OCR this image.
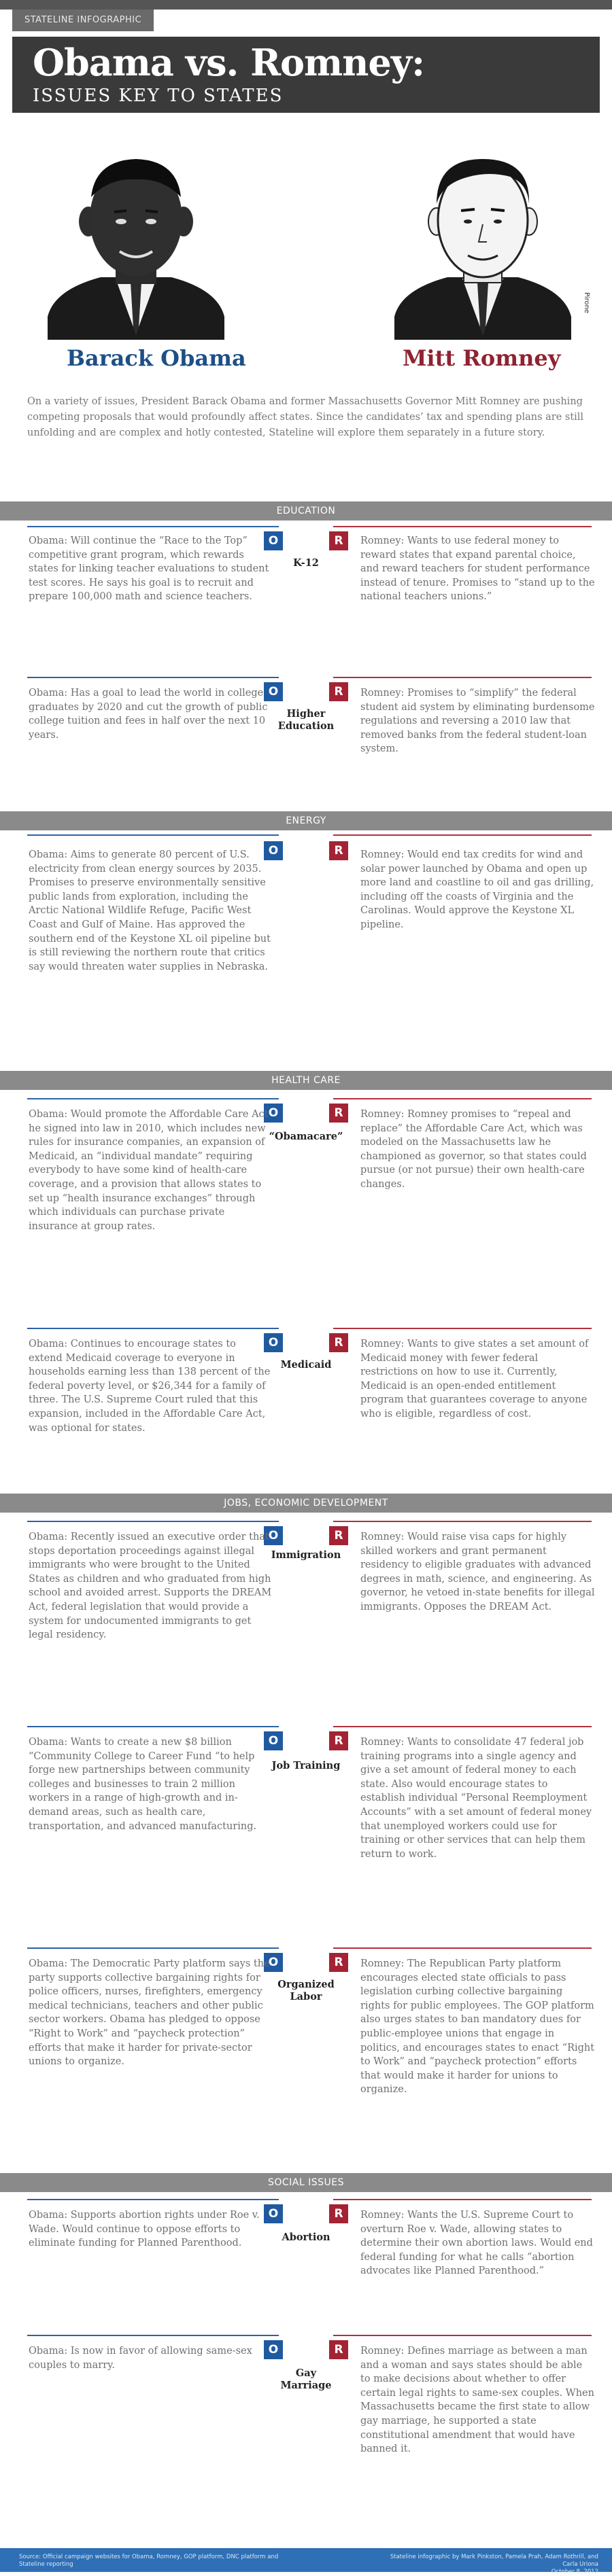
STATELINE INFOGRAPHIC
Obama vs. Romney:
ISSUES KEY TO STATES
Pirone
Barack Obama	Mitt Romney

On a variety of issues, President Barack Obama and former Massachusetts Governor Mitt Romney are pushing competing proposals that would profoundly affect states. Since the candidates’ tax and spending plans are still unfolding and are complex and hotly contested, Stateline will explore them separately in a future story.

EDUCATION
O	R
K-12
Obama: Will continue the “Race to the Top” competitive grant program, which rewards states for linking teacher evaluations to student test scores. He says his goal is to recruit and prepare 100,000 math and science teachers.
Romney: Wants to use federal money to reward states that expand parental choice, and reward teachers for student performance instead of tenure. Promises to “stand up to the national teachers unions.”
O	R
Higher Education
Obama: Has a goal to lead the world in college graduates by 2020 and cut the growth of public college tuition and fees in half over the next 10 years.
Romney: Promises to “simplify” the federal student aid system by eliminating burdensome regulations and reversing a 2010 law that removed banks from the federal student-loan system.
ENERGY
O	R
Obama: Aims to generate 80 percent of U.S. electricity from clean energy sources by 2035. Promises to preserve environmentally sensitive public lands from exploration, including the Arctic National Wildlife Refuge, Pacific West Coast and Gulf of Maine. Has approved the southern end of the Keystone XL oil pipeline but is still reviewing the northern route that critics say would threaten water supplies in Nebraska.
Romney: Would end tax credits for wind and solar power launched by Obama and open up more land and coastline to oil and gas drilling, including off the coasts of Virginia and the Carolinas. Would approve the Keystone XL pipeline.
HEALTH CARE
O	R
“Obamacare”
Obama: Would promote the Affordable Care Act he signed into law in 2010, which includes new rules for insurance companies, an expansion of Medicaid, an “individual mandate” requiring everybody to have some kind of health-care coverage, and a provision that allows states to set up “health insurance exchanges” through which individuals can purchase private insurance at group rates.
Romney: Romney promises to “repeal and replace” the Affordable Care Act, which was modeled on the Massachusetts law he championed as governor, so that states could pursue (or not pursue) their own health-care changes.
O	R
Medicaid
Obama: Continues to encourage states to extend Medicaid coverage to everyone in households earning less than 138 percent of the federal poverty level, or $26,344 for a family of three. The U.S. Supreme Court ruled that this expansion, included in the Affordable Care Act, was optional for states.
Romney: Wants to give states a set amount of Medicaid money with fewer federal restrictions on how to use it. Currently, Medicaid is an open-ended entitlement program that guarantees coverage to anyone who is eligible, regardless of cost.
JOBS, ECONOMIC DEVELOPMENT
O	R
Immigration
Obama: Recently issued an executive order that stops deportation proceedings against illegal immigrants who were brought to the United States as children and who graduated from high school and avoided arrest. Supports the DREAM Act, federal legislation that would provide a system for undocumented immigrants to get legal residency.
Romney: Would raise visa caps for highly skilled workers and grant permanent residency to eligible graduates with advanced degrees in math, science, and engineering. As governor, he vetoed in-state benefits for illegal immigrants. Opposes the DREAM Act.
O	R
Job Training
Obama: Wants to create a new $8 billion “Community College to Career Fund “to help forge new partnerships between community colleges and businesses to train 2 million workers in a range of high-growth and in-demand areas, such as health care, transportation, and advanced manufacturing.
Romney: Wants to consolidate 47 federal job training programs into a single agency and give a set amount of federal money to each state. Also would encourage states to establish individual “Personal Reemployment Accounts” with a set amount of federal money that unemployed workers could use for training or other services that can help them return to work.
O	R
Organized Labor
Obama: The Democratic Party platform says the party supports collective bargaining rights for police officers, nurses, firefighters, emergency medical technicians, teachers and other public sector workers. Obama has pledged to oppose “Right to Work” and “paycheck protection” efforts that make it harder for private-sector unions to organize.
Romney: The Republican Party platform encourages elected state officials to pass legislation curbing collective bargaining rights for public employees. The GOP platform also urges states to ban mandatory dues for public-employee unions that engage in politics, and encourages states to enact “Right to Work” and “paycheck protection” efforts that would make it harder for unions to organize.
SOCIAL ISSUES
O	R
Abortion
Obama: Supports abortion rights under Roe v. Wade. Would continue to oppose efforts to eliminate funding for Planned Parenthood.
Romney: Wants the U.S. Supreme Court to overturn Roe v. Wade, allowing states to determine their own abortion laws. Would end federal funding for what he calls “abortion advocates like Planned Parenthood.”
O	R
Gay Marriage
Obama: Is now in favor of allowing same-sex couples to marry.
Romney: Defines marriage as between a man and a woman and says states should be able to make decisions about whether to offer certain legal rights to same-sex couples. When Massachusetts became the first state to allow gay marriage, he supported a state constitutional amendment that would have banned it.
Source: Official campaign websites for Obama, Romney, GOP platform, DNC platform and Stateline reporting
Stateline infographic by Mark Pinkston, Pamela Prah, Adam Rothrill, and Carla Uriona
October 8, 2012
